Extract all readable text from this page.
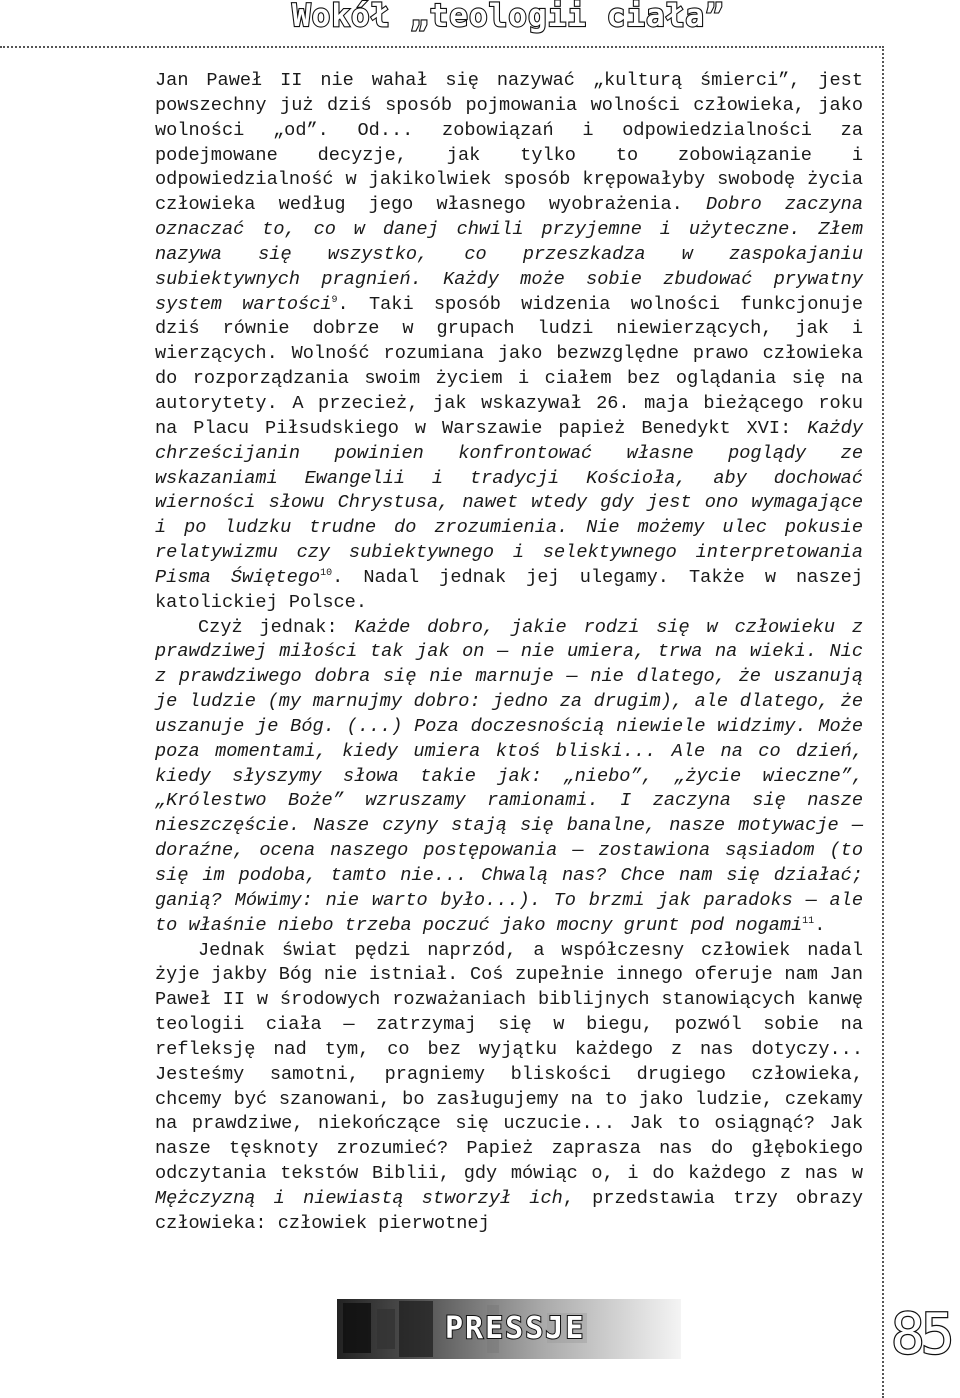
Wokół „teologii ciała”

Jan Paweł II nie wahał się nazywać „kulturą śmierci”, jest powszechny już dziś sposób pojmowania wolności człowieka, jako wolności „od”. Od... zobowiązań i odpowiedzialności za podejmowane decyzje, jak tylko to zobowiązanie i odpowiedzialność w jakikolwiek sposób krępowałyby swobodę życia człowieka według jego własnego wyobrażenia. Dobro zaczyna oznaczać to, co w danej chwili przyjemne i użyteczne. Złem nazywa się wszystko, co przeszkadza w zaspokajaniu subiektywnych pragnień. Każdy może sobie zbudować prywatny system wartości$^9$. Taki sposób widzenia wolności funkcjonuje dziś równie dobrze w grupach ludzi niewierzących, jak i wierzących. Wolność rozumiana jako bezwzględne prawo człowieka do rozporządzania swoim życiem i ciałem bez oglądania się na autorytety. A przecież, jak wskazywał 26. maja bieżącego roku na Placu Piłsudskiego w Warszawie papież Benedykt XVI: Każdy chrześcijanin powinien konfrontować własne poglądy ze wskazaniami Ewangelii i tradycji Kościoła, aby dochować wierności słowu Chrystusa, nawet wtedy gdy jest ono wymagające i po ludzku trudne do zrozumienia. Nie możemy ulec pokusie relatywizmu czy subiektywnego i selektywnego interpretowania Pisma Świętego$^{10}$. Nadal jednak jej ulegamy. Także w naszej katolickiej Polsce.

Czyż jednak: Każde dobro, jakie rodzi się w człowieku z prawdziwej miłości tak jak on — nie umiera, trwa na wieki. Nic z prawdziwego dobra się nie marnuje — nie dlatego, że uszanują je ludzie (my marnujmy dobro: jedno za drugim), ale dlatego, że uszanuje je Bóg. (...) Poza doczesnością niewiele widzimy. Może poza momentami, kiedy umiera ktoś bliski... Ale na co dzień, kiedy słyszymy słowa takie jak: „niebo”, „życie wieczne”, „Królestwo Boże” wzruszamy ramionami. I zaczyna się nasze nieszczęście. Nasze czyny stają się banalne, nasze motywacje — doraźne, ocena naszego postępowania — zostawiona sąsiadom (to się im podoba, tamto nie... Chwalą nas? Chce nam się działać; ganią? Mówimy: nie warto było...). To brzmi jak paradoks — ale to właśnie niebo trzeba poczuć jako mocny grunt pod nogami$^{11}$.

Jednak świat pędzi naprzód, a współczesny człowiek nadal żyje jakby Bóg nie istniał. Coś zupełnie innego oferuje nam Jan Paweł II w środowych rozważaniach biblijnych stanowiących kanwę teologii ciała — zatrzymaj się w biegu, pozwól sobie na refleksję nad tym, co bez wyjątku każdego z nas dotyczy... Jesteśmy samotni, pragniemy bliskości drugiego człowieka, chcemy być szanowani, bo zasługujemy na to jako ludzie, czekamy na prawdziwe, niekończące się uczucie... Jak to osiągnąć? Jak nasze tęsknoty zrozumieć? Papież zaprasza nas do głębokiego odczytania tekstów Biblii, gdy mówiąc o, i do każdego z nas w Mężczyzną i niewiastą stworzył ich, przedstawia trzy obrazy człowieka: człowiek pierwotnej

PRESSJE	85
